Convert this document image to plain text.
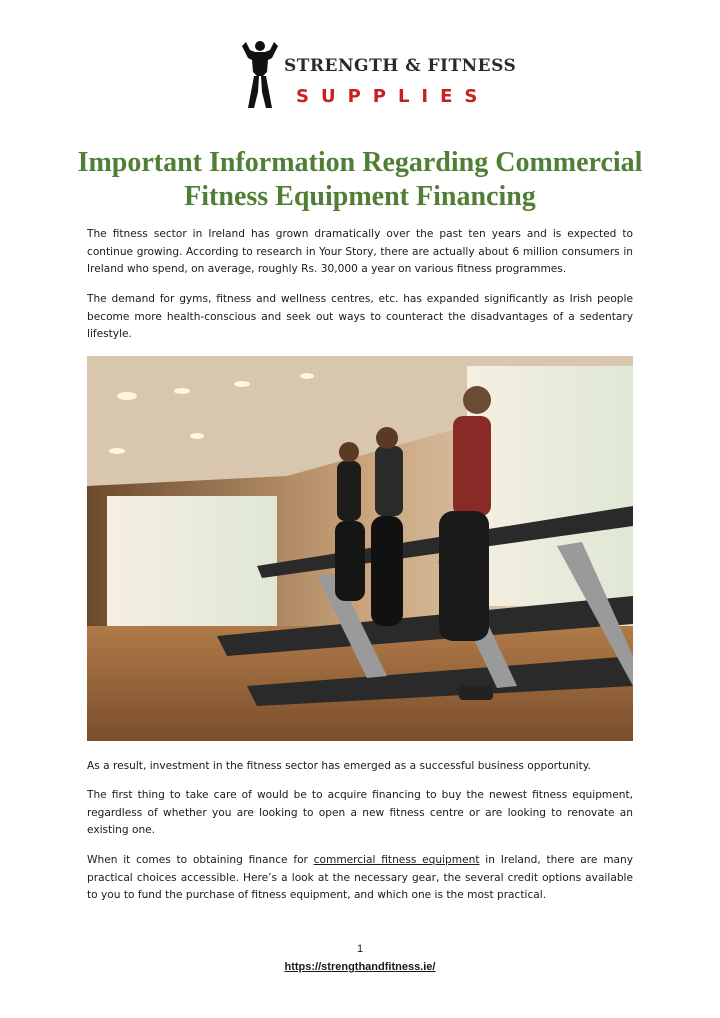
STRENGTH & FITNESS
SUPPLIES
Important Information Regarding Commercial Fitness Equipment Financing

The fitness sector in Ireland has grown dramatically over the past ten years and is expected to continue growing. According to research in Your Story, there are actually about 6 million consumers in Ireland who spend, on average, roughly Rs. 30,000 a year on various fitness programmes.

The demand for gyms, fitness and wellness centres, etc. has expanded significantly as Irish people become more health-conscious and seek out ways to counteract the disadvantages of a sedentary lifestyle.

As a result, investment in the fitness sector has emerged as a successful business opportunity.

The first thing to take care of would be to acquire financing to buy the newest fitness equipment, regardless of whether you are looking to open a new fitness centre or are looking to renovate an existing one.

When it comes to obtaining finance for commercial fitness equipment in Ireland, there are many practical choices accessible. Here’s a look at the necessary gear, the several credit options available to you to fund the purchase of fitness equipment, and which one is the most practical.

1
https://strengthandfitness.ie/
